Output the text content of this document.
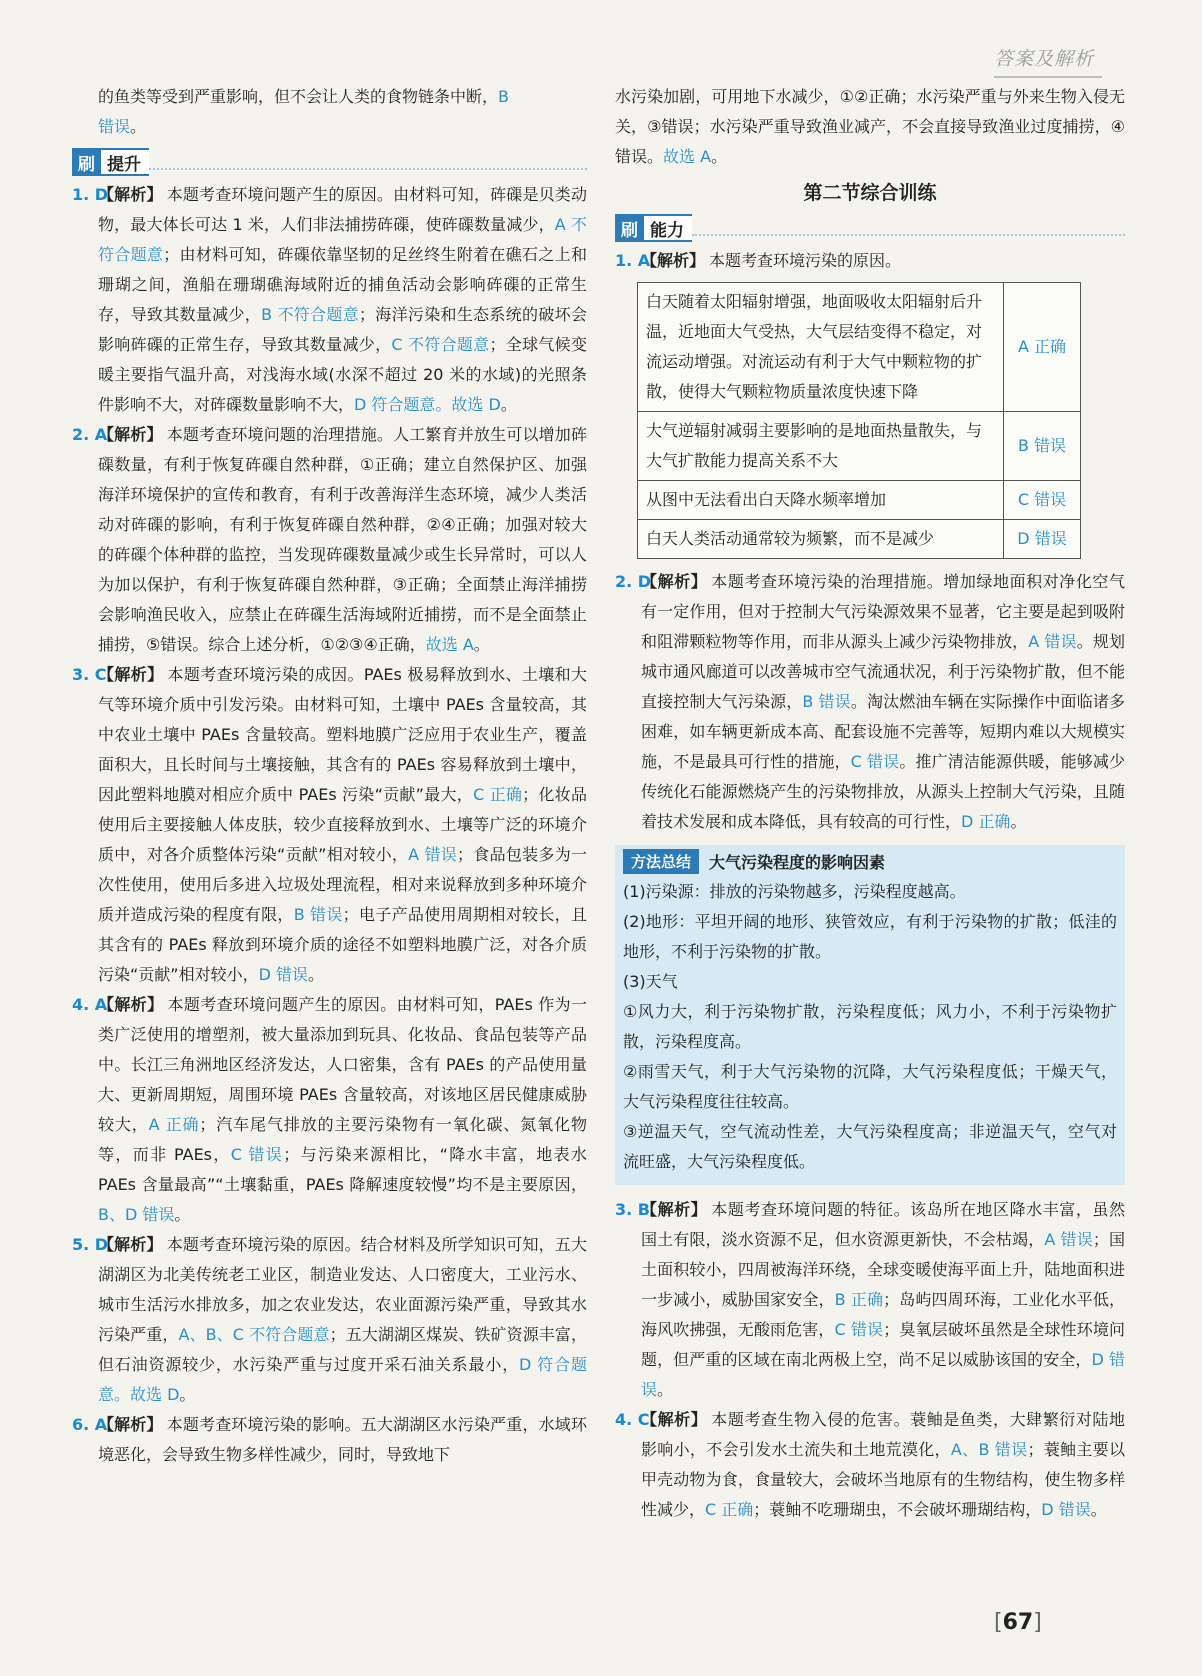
答案及解析

的鱼类等受到严重影响，但不会让人类的食物链条中断，B
错误。

刷 提升
1. D
【解析】 本题考查环境问题产生的原因。由材料可知，砗磲是贝类动物，最大体长可达 1 米，人们非法捕捞砗磲，使砗磲数量减少，A 不符合题意；由材料可知，砗磲依靠坚韧的足丝终生附着在礁石之上和珊瑚之间，渔船在珊瑚礁海域附近的捕鱼活动会影响砗磲的正常生存，导致其数量减少，B 不符合题意；海洋污染和生态系统的破坏会影响砗磲的正常生存，导致其数量减少，C 不符合题意；全球气候变暖主要指气温升高，对浅海水域(水深不超过 20 米的水域)的光照条件影响不大，对砗磲数量影响不大，D 符合题意。故选 D。
2. A
【解析】 本题考查环境问题的治理措施。人工繁育并放生可以增加砗磲数量，有利于恢复砗磲自然种群，①正确；建立自然保护区、加强海洋环境保护的宣传和教育，有利于改善海洋生态环境，减少人类活动对砗磲的影响，有利于恢复砗磲自然种群，②④正确；加强对较大的砗磲个体种群的监控，当发现砗磲数量减少或生长异常时，可以人为加以保护，有利于恢复砗磲自然种群，③正确；全面禁止海洋捕捞会影响渔民收入，应禁止在砗磲生活海域附近捕捞，而不是全面禁止捕捞，⑤错误。综合上述分析，①②③④正确，故选 A。
3. C
【解析】 本题考查环境污染的成因。PAEs 极易释放到水、土壤和大气等环境介质中引发污染。由材料可知，土壤中 PAEs 含量较高，其中农业土壤中 PAEs 含量较高。塑料地膜广泛应用于农业生产，覆盖面积大，且长时间与土壤接触，其含有的 PAEs 容易释放到土壤中，因此塑料地膜对相应介质中 PAEs 污染“贡献”最大，C 正确；化妆品使用后主要接触人体皮肤，较少直接释放到水、土壤等广泛的环境介质中，对各介质整体污染“贡献”相对较小，A 错误；食品包装多为一次性使用，使用后多进入垃圾处理流程，相对来说释放到多种环境介质并造成污染的程度有限，B 错误；电子产品使用周期相对较长，且其含有的 PAEs 释放到环境介质的途径不如塑料地膜广泛，对各介质污染“贡献”相对较小，D 错误。
4. A
【解析】 本题考查环境问题产生的原因。由材料可知，PAEs 作为一类广泛使用的增塑剂，被大量添加到玩具、化妆品、食品包装等产品中。长江三角洲地区经济发达，人口密集，含有 PAEs 的产品使用量大、更新周期短，周围环境 PAEs 含量较高，对该地区居民健康威胁较大，A 正确；汽车尾气排放的主要污染物有一氧化碳、氮氧化物等，而非 PAEs，C 错误；与污染来源相比，“降水丰富，地表水 PAEs 含量最高”“土壤黏重，PAEs 降解速度较慢”均不是主要原因，B、D 错误。
5. D
【解析】 本题考查环境污染的原因。结合材料及所学知识可知，五大湖湖区为北美传统老工业区，制造业发达、人口密度大，工业污水、城市生活污水排放多，加之农业发达，农业面源污染严重，导致其水污染严重，A、B、C 不符合题意；五大湖湖区煤炭、铁矿资源丰富，但石油资源较少，水污染严重与过度开采石油关系最小，D 符合题意。故选 D。
6. A
【解析】 本题考查环境污染的影响。五大湖湖区水污染严重，水域环境恶化，会导致生物多样性减少，同时，导致地下

水污染加剧，可用地下水减少，①②正确；水污染严重与外来生物入侵无关，③错误；水污染严重导致渔业减产，不会直接导致渔业过度捕捞，④错误。故选 A。

第二节综合训练
刷 能力
1. A
【解析】 本题考查环境污染的原因。
白天随着太阳辐射增强，地面吸收太阳辐射后升温，近地面大气受热，大气层结变得不稳定，对流运动增强。对流运动有利于大气中颗粒物的扩散，使得大气颗粒物质量浓度快速下降	A 正确
大气逆辐射减弱主要影响的是地面热量散失，与大气扩散能力提高关系不大	B 错误
从图中无法看出白天降水频率增加	C 错误
白天人类活动通常较为频繁，而不是减少	D 错误
2. D
【解析】 本题考查环境污染的治理措施。增加绿地面积对净化空气有一定作用，但对于控制大气污染源效果不显著，它主要是起到吸附和阻滞颗粒物等作用，而非从源头上减少污染物排放，A 错误。规划城市通风廊道可以改善城市空气流通状况，利于污染物扩散，但不能直接控制大气污染源，B 错误。淘汰燃油车辆在实际操作中面临诸多困难，如车辆更新成本高、配套设施不完善等，短期内难以大规模实施，不是最具可行性的措施，C 错误。推广清洁能源供暖，能够减少传统化石能源燃烧产生的污染物排放，从源头上控制大气污染，且随着技术发展和成本降低，具有较高的可行性，D 正确。
方法总结	大气污染程度的影响因素

(1)污染源：排放的污染物越多，污染程度越高。

(2)地形：平坦开阔的地形、狭管效应，有利于污染物的扩散；低洼的地形，不利于污染物的扩散。

(3)天气

①风力大，利于污染物扩散，污染程度低；风力小，不利于污染物扩散，污染程度高。

②雨雪天气，利于大气污染物的沉降，大气污染程度低；干燥天气，大气污染程度往往较高。

③逆温天气，空气流动性差，大气污染程度高；非逆温天气，空气对流旺盛，大气污染程度低。

3. B
【解析】 本题考查环境问题的特征。该岛所在地区降水丰富，虽然国土有限，淡水资源不足，但水资源更新快，不会枯竭，A 错误；国土面积较小，四周被海洋环绕，全球变暖使海平面上升，陆地面积进一步减小，威胁国家安全，B 正确；岛屿四周环海，工业化水平低，海风吹拂强，无酸雨危害，C 错误；臭氧层破坏虽然是全球性环境问题，但严重的区域在南北两极上空，尚不足以威胁该国的安全，D 错误。
4. C
【解析】 本题考查生物入侵的危害。蓑鲉是鱼类，大肆繁衍对陆地影响小，不会引发水土流失和土地荒漠化，A、B 错误；蓑鲉主要以甲壳动物为食，食量较大，会破坏当地原有的生物结构，使生物多样性减少，C 正确；蓑鲉不吃珊瑚虫，不会破坏珊瑚结构，D 错误。
[67]
